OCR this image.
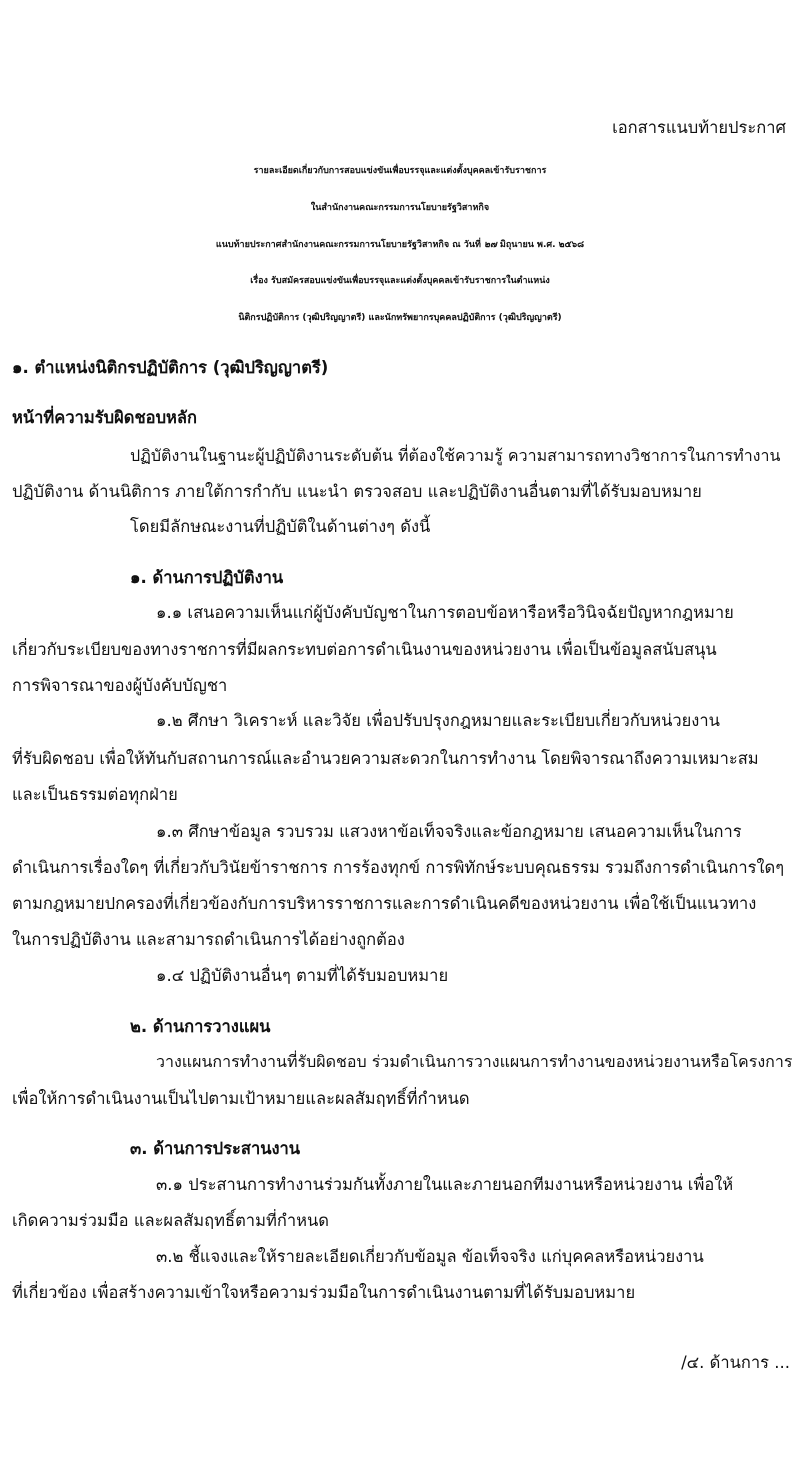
เอกสารแนบท้ายประกาศ
รายละเอียดเกี่ยวกับการสอบแข่งขันเพื่อบรรจุและแต่งตั้งบุคคลเข้ารับราชการ
ในสำนักงานคณะกรรมการนโยบายรัฐวิสาหกิจ
แนบท้ายประกาศสำนักงานคณะกรรมการนโยบายรัฐวิสาหกิจ ณ วันที่ ๒๗ มิถุนายน พ.ศ. ๒๕๖๘
เรื่อง รับสมัครสอบแข่งขันเพื่อบรรจุและแต่งตั้งบุคคลเข้ารับราชการในตำแหน่ง
นิติกรปฏิบัติการ (วุฒิปริญญาตรี) และนักทรัพยากรบุคคลปฏิบัติการ (วุฒิปริญญาตรี)
๑. ตำแหน่งนิติกรปฏิบัติการ (วุฒิปริญญาตรี)
หน้าที่ความรับผิดชอบหลัก
ปฏิบัติงานในฐานะผู้ปฏิบัติงานระดับต้น ที่ต้องใช้ความรู้ ความสามารถทางวิชาการในการทำงาน
ปฏิบัติงาน ด้านนิติการ ภายใต้การกำกับ แนะนำ ตรวจสอบ และปฏิบัติงานอื่นตามที่ได้รับมอบหมาย
โดยมีลักษณะงานที่ปฏิบัติในด้านต่างๆ ดังนี้
๑. ด้านการปฏิบัติงาน
๑.๑ เสนอความเห็นแก่ผู้บังคับบัญชาในการตอบข้อหารือหรือวินิจฉัยปัญหากฎหมาย
เกี่ยวกับระเบียบของทางราชการที่มีผลกระทบต่อการดำเนินงานของหน่วยงาน เพื่อเป็นข้อมูลสนับสนุน
การพิจารณาของผู้บังคับบัญชา
๑.๒ ศึกษา วิเคราะห์ และวิจัย เพื่อปรับปรุงกฎหมายและระเบียบเกี่ยวกับหน่วยงาน
ที่รับผิดชอบ เพื่อให้ทันกับสถานการณ์และอำนวยความสะดวกในการทำงาน โดยพิจารณาถึงความเหมาะสม
และเป็นธรรมต่อทุกฝ่าย
๑.๓ ศึกษาข้อมูล รวบรวม แสวงหาข้อเท็จจริงและข้อกฎหมาย เสนอความเห็นในการ
ดำเนินการเรื่องใดๆ ที่เกี่ยวกับวินัยข้าราชการ การร้องทุกข์ การพิทักษ์ระบบคุณธรรม รวมถึงการดำเนินการใดๆ
ตามกฎหมายปกครองที่เกี่ยวข้องกับการบริหารราชการและการดำเนินคดีของหน่วยงาน เพื่อใช้เป็นแนวทาง
ในการปฏิบัติงาน และสามารถดำเนินการได้อย่างถูกต้อง
๑.๔ ปฏิบัติงานอื่นๆ ตามที่ได้รับมอบหมาย
๒. ด้านการวางแผน
วางแผนการทำงานที่รับผิดชอบ ร่วมดำเนินการวางแผนการทำงานของหน่วยงานหรือโครงการ
เพื่อให้การดำเนินงานเป็นไปตามเป้าหมายและผลสัมฤทธิ์ที่กำหนด
๓. ด้านการประสานงาน
๓.๑ ประสานการทำงานร่วมกันทั้งภายในและภายนอกทีมงานหรือหน่วยงาน เพื่อให้
เกิดความร่วมมือ และผลสัมฤทธิ์ตามที่กำหนด
๓.๒ ชี้แจงและให้รายละเอียดเกี่ยวกับข้อมูล ข้อเท็จจริง แก่บุคคลหรือหน่วยงาน
ที่เกี่ยวข้อง เพื่อสร้างความเข้าใจหรือความร่วมมือในการดำเนินงานตามที่ได้รับมอบหมาย
/๔. ด้านการ ...
